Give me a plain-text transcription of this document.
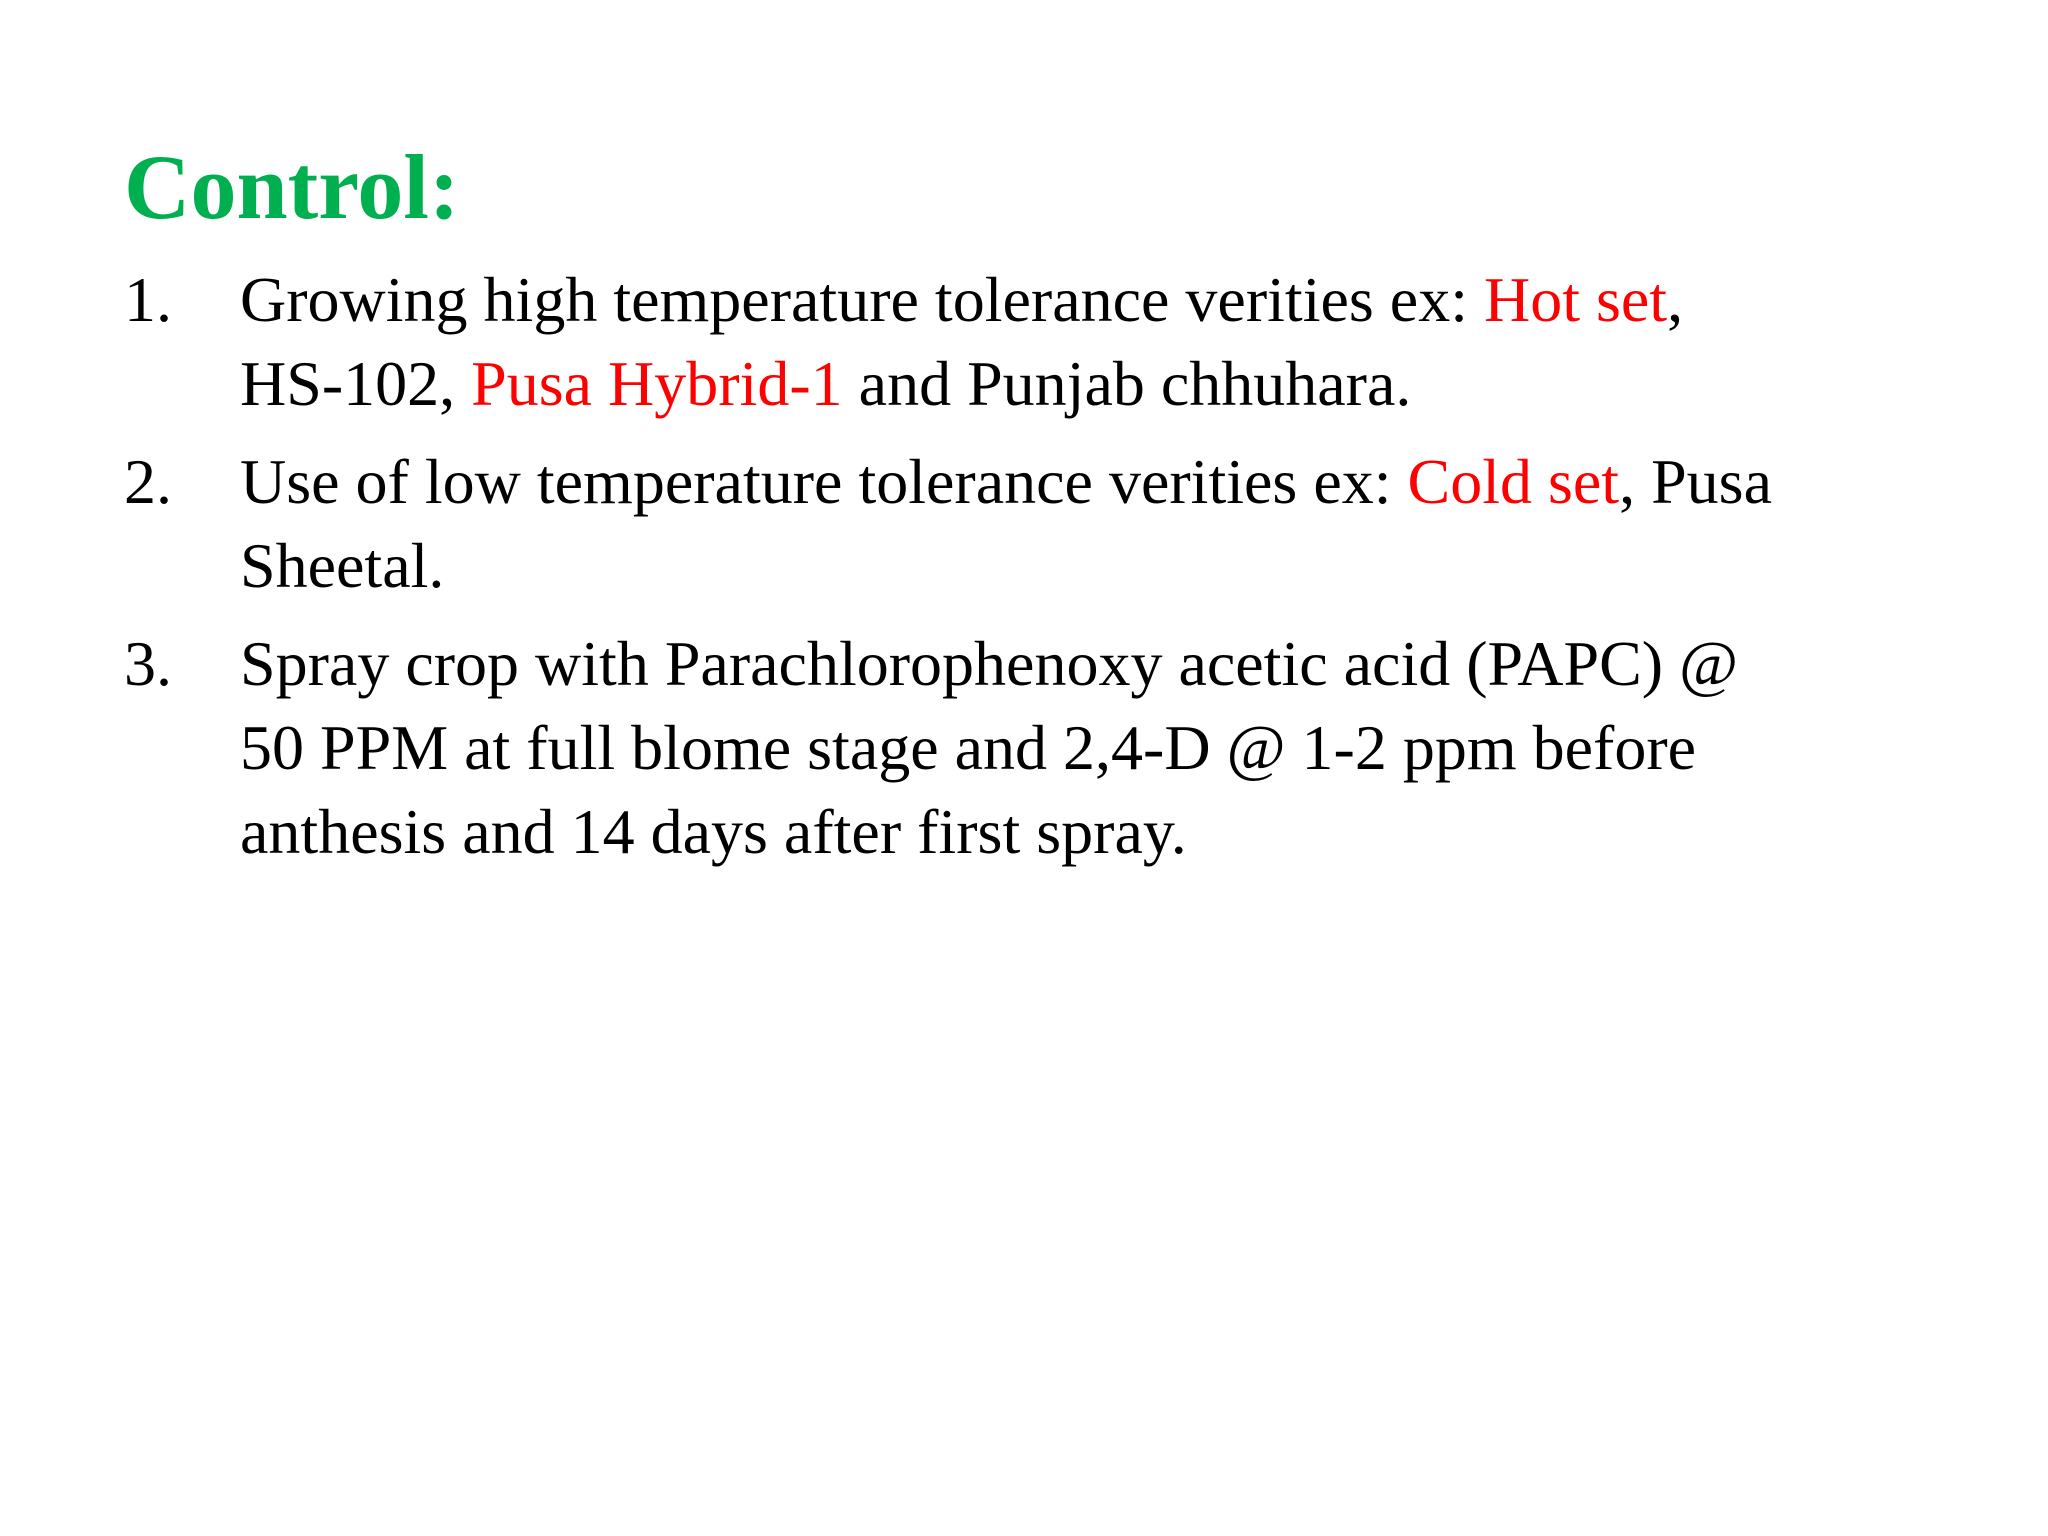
Control:
1. Growing high temperature tolerance verities ex: Hot set,
HS-102, Pusa Hybrid-1 and Punjab chhuhara.
2. Use of low temperature tolerance verities ex: Cold set, Pusa
Sheetal.
3. Spray crop with Parachlorophenoxy acetic acid (PAPC) @
50 PPM at full blome stage and 2,4-D @ 1-2 ppm before
anthesis and 14 days after first spray.
